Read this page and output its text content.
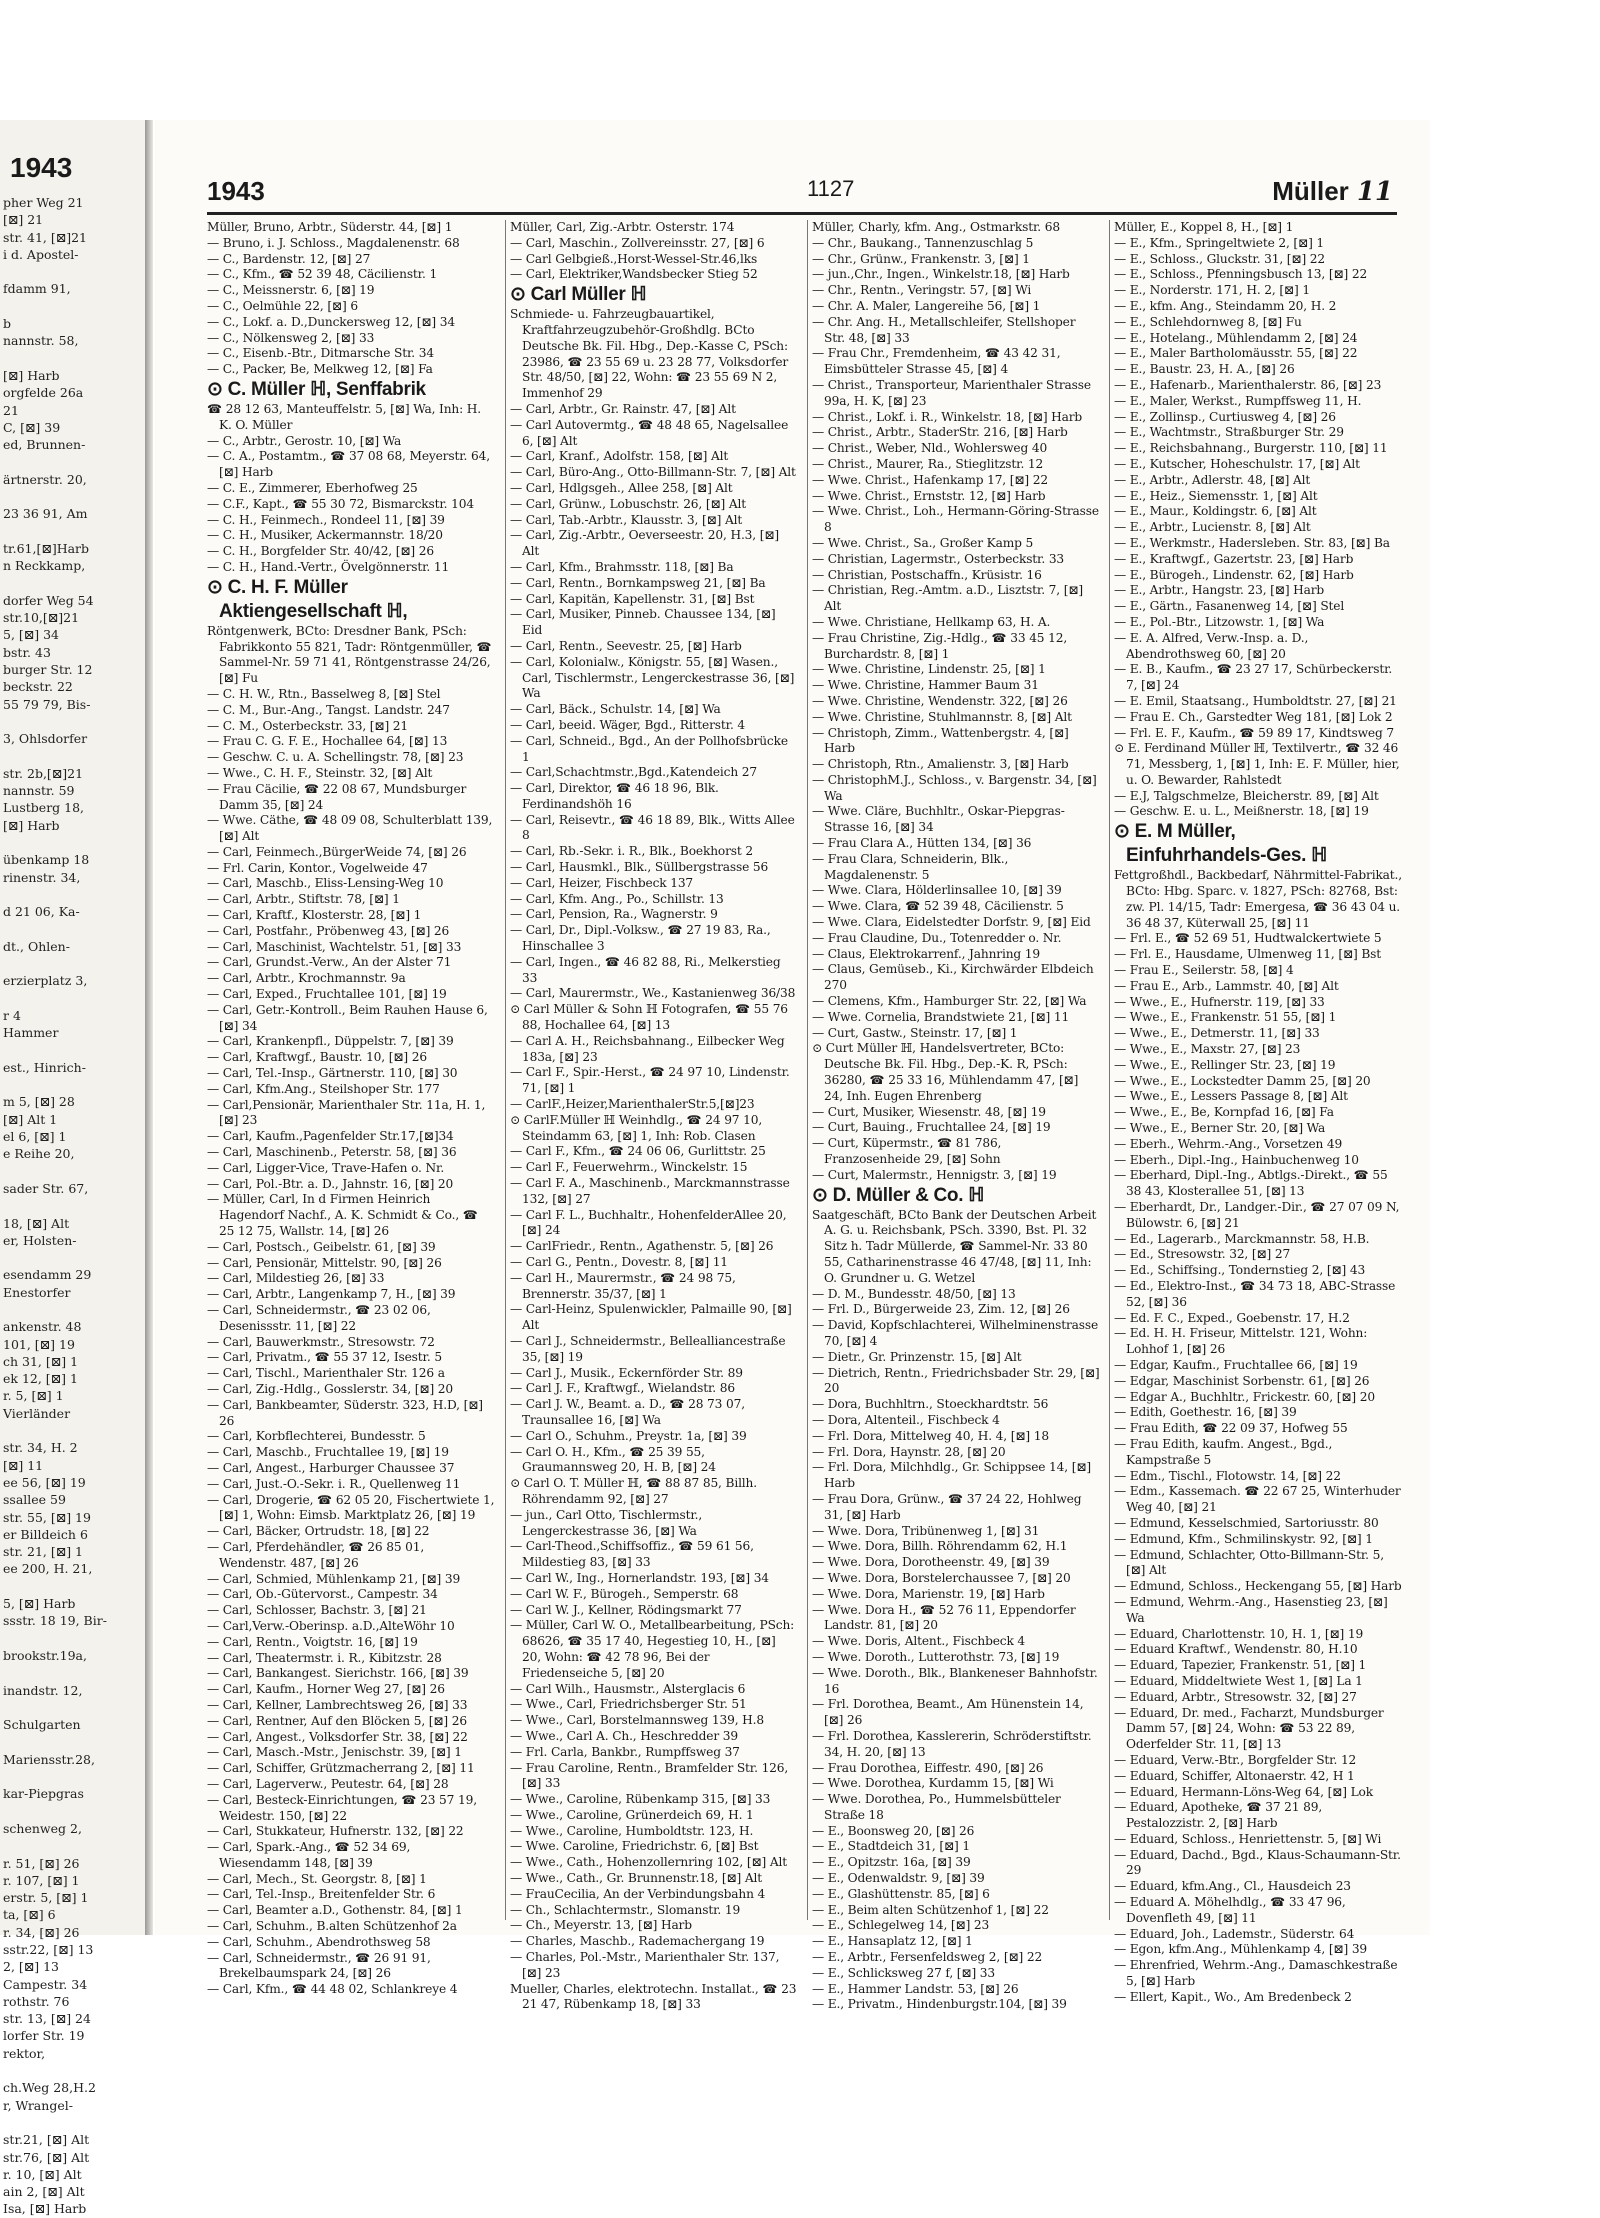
1943
pher Weg 21
[⊠] 21
str. 41, [⊠]21
i d. Apostel-

fdamm 91,

b
nannstr. 58,

[⊠] Harb
orgfelde 26a
21
C, [⊠] 39
ed, Brunnen-

ärtnerstr. 20,

23 36 91, Am

tr.61,[⊠]Harb
n Reckkamp,

dorfer Weg 54
str.10,[⊠]21
5, [⊠] 34
bstr. 43
burger Str. 12
beckstr. 22
55 79 79, Bis-

3, Ohlsdorfer

str. 2b,[⊠]21
nannstr. 59
Lustberg 18,
[⊠] Harb

übenkamp 18
rinenstr. 34,

d 21 06, Ka-

dt., Ohlen-

erzierplatz 3,

r 4
Hammer

est., Hinrich-

m 5, [⊠] 28
[⊠] Alt 1
el 6, [⊠] 1
e Reihe 20,

sader Str. 67,

18, [⊠] Alt
er, Holsten-

esendamm 29
Enestorfer

ankenstr. 48
101, [⊠] 19
ch 31, [⊠] 1
ek 12, [⊠] 1
r. 5, [⊠] 1
Vierländer

str. 34, H. 2
[⊠] 11
ee 56, [⊠] 19
ssallee 59
str. 55, [⊠] 19
er Billdeich 6
str. 21, [⊠] 1
ee 200, H. 21,

5, [⊠] Harb
ssstr. 18 19, Bir-

brookstr.19a,

inandstr. 12,

Schulgarten

Mariensstr.28,

kar-Piepgras

schenweg 2,

r. 51, [⊠] 26
r. 107, [⊠] 1
erstr. 5, [⊠] 1
ta, [⊠] 6
r. 34, [⊠] 26
sstr.22, [⊠] 13
2, [⊠] 13
Campestr. 34
rothstr. 76
str. 13, [⊠] 24
lorfer Str. 19
rektor,

ch.Weg 28,H.2
r, Wrangel-

str.21, [⊠] Alt
str.76, [⊠] Alt
r. 10, [⊠] Alt
ain 2, [⊠] Alt
Isa, [⊠] Harb
1943	1127	Müller 11
Müller, Bruno, Arbtr., Süderstr. 44, [⊠] 1
— Bruno, i. J. Schloss., Magdalenenstr. 68
— C., Bardenstr. 12, [⊠] 27
— C., Kfm., ☎ 52 39 48, Cäcilienstr. 1
— C., Meissnerstr. 6, [⊠] 19
— C., Oelmühle 22, [⊠] 6
— C., Lokf. a. D.,Dunckersweg 12, [⊠] 34
— C., Nölkensweg 2, [⊠] 33
— C., Eisenb.-Btr., Ditmarsche Str. 34
— C., Packer, Be, Melkweg 12, [⊠] Fa
⊙ C. Müller ℍ, Senffabrik
☎ 28 12 63, Manteuffelstr. 5, [⊠] Wa, Inh: H. K. O. Müller
— C., Arbtr., Gerostr. 10, [⊠] Wa
— C. A., Postamtm., ☎ 37 08 68, Meyerstr. 64, [⊠] Harb
— C. E., Zimmerer, Eberhofweg 25
— C.F., Kapt., ☎ 55 30 72, Bismarckstr. 104
— C. H., Feinmech., Rondeel 11, [⊠] 39
— C. H., Musiker, Ackermannstr. 18/20
— C. H., Borgfelder Str. 40/42, [⊠] 26
— C. H., Hand.-Vertr., Övelgönnerstr. 11
⊙ C. H. F. Müller
Aktiengesellschaft ℍ,
Röntgenwerk, BCto: Dresdner Bank, PSch: Fabrikkonto 55 821, Tadr: Röntgenmüller, ☎ Sammel-Nr. 59 71 41, Röntgenstrasse 24/26, [⊠] Fu
— C. H. W., Rtn., Basselweg 8, [⊠] Stel
— C. M., Bur.-Ang., Tangst. Landstr. 247
— C. M., Osterbeckstr. 33, [⊠] 21
— Frau C. G. F. E., Hochallee 64, [⊠] 13
— Geschw. C. u. A. Schellingstr. 78, [⊠] 23
— Wwe., C. H. F., Steinstr. 32, [⊠] Alt
— Frau Cäcilie, ☎ 22 08 67, Mundsburger Damm 35, [⊠] 24
— Wwe. Cäthe, ☎ 48 09 08, Schulterblatt 139, [⊠] Alt
— Carl, Feinmech.,BürgerWeide 74, [⊠] 26
— Frl. Carin, Kontor., Vogelweide 47
— Carl, Maschb., Eliss-Lensing-Weg 10
— Carl, Arbtr., Stiftstr. 78, [⊠] 1
— Carl, Kraftf., Klosterstr. 28, [⊠] 1
— Carl, Postfahr., Pröbenweg 43, [⊠] 26
— Carl, Maschinist, Wachtelstr. 51, [⊠] 33
— Carl, Grundst.-Verw., An der Alster 71
— Carl, Arbtr., Krochmannstr. 9a
— Carl, Exped., Fruchtallee 101, [⊠] 19
— Carl, Getr.-Kontroll., Beim Rauhen Hause 6, [⊠] 34
— Carl, Krankenpfl., Düppelstr. 7, [⊠] 39
— Carl, Kraftwgf., Baustr. 10, [⊠] 26
— Carl, Tel.-Insp., Gärtnerstr. 110, [⊠] 30
— Carl, Kfm.Ang., Steilshoper Str. 177
— Carl,Pensionär, Marienthaler Str. 11a, H. 1, [⊠] 23
— Carl, Kaufm.,Pagenfelder Str.17,[⊠]34
— Carl, Maschinenb., Peterstr. 58, [⊠] 36
— Carl, Ligger-Vice, Trave-Hafen o. Nr.
— Carl, Pol.-Btr. a. D., Jahnstr. 16, [⊠] 20
— Müller, Carl, In d Firmen Heinrich Hagendorf Nachf., A. K. Schmidt & Co., ☎ 25 12 75, Wallstr. 14, [⊠] 26
— Carl, Postsch., Geibelstr. 61, [⊠] 39
— Carl, Pensionär, Mittelstr. 90, [⊠] 26
— Carl, Mildestieg 26, [⊠] 33
— Carl, Arbtr., Langenkamp 7, H., [⊠] 39
— Carl, Schneidermstr., ☎ 23 02 06, Desenissstr. 11, [⊠] 22
— Carl, Bauwerkmstr., Stresowstr. 72
— Carl, Privatm., ☎ 55 37 12, Isestr. 5
— Carl, Tischl., Marienthaler Str. 126 a
— Carl, Zig.-Hdlg., Gosslerstr. 34, [⊠] 20
— Carl, Bankbeamter, Süderstr. 323, H.D, [⊠] 26
— Carl, Korbflechterei, Bundesstr. 5
— Carl, Maschb., Fruchtallee 19, [⊠] 19
— Carl, Angest., Harburger Chaussee 37
— Carl, Just.-O.-Sekr. i. R., Quellenweg 11
— Carl, Drogerie, ☎ 62 05 20, Fischertwiete 1, [⊠] 1, Wohn: Eimsb. Marktplatz 26, [⊠] 19
— Carl, Bäcker, Ortrudstr. 18, [⊠] 22
— Carl, Pferdehändler, ☎ 26 85 01, Wendenstr. 487, [⊠] 26
— Carl, Schmied, Mühlenkamp 21, [⊠] 39
— Carl, Ob.-Gütervorst., Campestr. 34
— Carl, Schlosser, Bachstr. 3, [⊠] 21
— Carl,Verw.-Oberinsp. a.D.,AlteWöhr 10
— Carl, Rentn., Voigtstr. 16, [⊠] 19
— Carl, Theatermstr. i. R., Kibitzstr. 28
— Carl, Bankangest. Sierichstr. 166, [⊠] 39
— Carl, Kaufm., Horner Weg 27, [⊠] 26
— Carl, Kellner, Lambrechtsweg 26, [⊠] 33
— Carl, Rentner, Auf den Blöcken 5, [⊠] 26
— Carl, Angest., Volksdorfer Str. 38, [⊠] 22
— Carl, Masch.-Mstr., Jenischstr. 39, [⊠] 1
— Carl, Schiffer, Grützmacherrang 2, [⊠] 11
— Carl, Lagerverw., Peutestr. 64, [⊠] 28
— Carl, Besteck-Einrichtungen, ☎ 23 57 19, Weidestr. 150, [⊠] 22
— Carl, Stukkateur, Hufnerstr. 132, [⊠] 22
— Carl, Spark.-Ang., ☎ 52 34 69, Wiesendamm 148, [⊠] 39
— Carl, Mech., St. Georgstr. 8, [⊠] 1
— Carl, Tel.-Insp., Breitenfelder Str. 6
— Carl, Beamter a.D., Gothenstr. 84, [⊠] 1
— Carl, Schuhm., B.alten Schützenhof 2a
— Carl, Schuhm., Abendrothsweg 58
— Carl, Schneidermstr., ☎ 26 91 91, Brekelbaumspark 24, [⊠] 26
— Carl, Kfm., ☎ 44 48 02, Schlankreye 4
Müller, Carl, Zig.-Arbtr. Osterstr. 174
— Carl, Maschin., Zollvereinsstr. 27, [⊠] 6
— Carl Gelbgieß.,Horst-Wessel-Str.46,lks
— Carl, Elektriker,Wandsbecker Stieg 52
⊙ Carl Müller ℍ
Schmiede- u. Fahrzeugbauartikel, Kraftfahrzeugzubehör-Großhdlg. BCto Deutsche Bk. Fil. Hbg., Dep.-Kasse C, PSch: 23986, ☎ 23 55 69 u. 23 28 77, Volksdorfer Str. 48/50, [⊠] 22, Wohn: ☎ 23 55 69 N 2, Immenhof 29
— Carl, Arbtr., Gr. Rainstr. 47, [⊠] Alt
— Carl Autovermtg., ☎ 48 48 65, Nagelsallee 6, [⊠] Alt
— Carl, Kranf., Adolfstr. 158, [⊠] Alt
— Carl, Büro-Ang., Otto-Billmann-Str. 7, [⊠] Alt
— Carl, Hdlgsgeh., Allee 258, [⊠] Alt
— Carl, Grünw., Lobuschstr. 26, [⊠] Alt
— Carl, Tab.-Arbtr., Klausstr. 3, [⊠] Alt
— Carl, Zig.-Arbtr., Oeverseestr. 20, H.3, [⊠] Alt
— Carl, Kfm., Brahmsstr. 118, [⊠] Ba
— Carl, Rentn., Bornkampsweg 21, [⊠] Ba
— Carl, Kapitän, Kapellenstr. 31, [⊠] Bst
— Carl, Musiker, Pinneb. Chaussee 134, [⊠] Eid
— Carl, Rentn., Seevestr. 25, [⊠] Harb
— Carl, Kolonialw., Königstr. 55, [⊠] Wasen., Carl, Tischlermstr., Lengerckestrasse 36, [⊠] Wa
— Carl, Bäck., Schulstr. 14, [⊠] Wa
— Carl, beeid. Wäger, Bgd., Ritterstr. 4
— Carl, Schneid., Bgd., An der Pollhofsbrücke 1
— Carl,Schachtmstr.,Bgd.,Katendeich 27
— Carl, Direktor, ☎ 46 18 96, Blk. Ferdinandshöh 16
— Carl, Reisevtr., ☎ 46 18 89, Blk., Witts Allee 8
— Carl, Rb.-Sekr. i. R., Blk., Boekhorst 2
— Carl, Hausmkl., Blk., Süllbergstrasse 56
— Carl, Heizer, Fischbeck 137
— Carl, Kfm. Ang., Po., Schillstr. 13
— Carl, Pension, Ra., Wagnerstr. 9
— Carl, Dr., Dipl.-Volksw., ☎ 27 19 83, Ra., Hinschallee 3
— Carl, Ingen., ☎ 46 82 88, Ri., Melkerstieg 33
— Carl, Maurermstr., We., Kastanienweg 36/38
⊙ Carl Müller & Sohn ℍ Fotografen, ☎ 55 76 88, Hochallee 64, [⊠] 13
— Carl A. H., Reichsbahnang., Eilbecker Weg 183a, [⊠] 23
— Carl F., Spir.-Herst., ☎ 24 97 10, Lindenstr. 71, [⊠] 1
— CarlF.,Heizer,MarienthalerStr.5,[⊠]23
⊙ CarlF.Müller ℍ Weinhdlg., ☎ 24 97 10, Steindamm 63, [⊠] 1, Inh: Rob. Clasen
— Carl F., Kfm., ☎ 24 06 06, Gurlittstr. 25
— Carl F., Feuerwehrm., Winckelstr. 15
— Carl F. A., Maschinenb., Marckmannstrasse 132, [⊠] 27
— Carl F. L., Buchhaltr., HohenfelderAllee 20, [⊠] 24
— CarlFriedr., Rentn., Agathenstr. 5, [⊠] 26
— Carl G., Pentn., Dovestr. 8, [⊠] 11
— Carl H., Maurermstr., ☎ 24 98 75, Brennerstr. 35/37, [⊠] 1
— Carl-Heinz, Spulenwickler, Palmaille 90, [⊠] Alt
— Carl J., Schneidermstr., Bellealliancestraße 35, [⊠] 19
— Carl J., Musik., Eckernförder Str. 89
— Carl J. F., Kraftwgf., Wielandstr. 86
— Carl J. W., Beamt. a. D., ☎ 28 73 07, Traunsallee 16, [⊠] Wa
— Carl O., Schuhm., Preystr. 1a, [⊠] 39
— Carl O. H., Kfm., ☎ 25 39 55, Graumannsweg 20, H. B, [⊠] 24
⊙ Carl O. T. Müller ℍ, ☎ 88 87 85, Billh. Röhrendamm 92, [⊠] 27
— jun., Carl Otto, Tischlermstr., Lengerckestrasse 36, [⊠] Wa
— Carl-Theod.,Schiffsoffiz., ☎ 59 61 56, Mildestieg 83, [⊠] 33
— Carl W., Ing., Hornerlandstr. 193, [⊠] 34
— Carl W. F., Bürogeh., Semperstr. 68
— Carl W. J., Kellner, Rödingsmarkt 77
— Müller, Carl W. O., Metallbearbeitung, PSch: 68626, ☎ 35 17 40, Hegestieg 10, H., [⊠] 20, Wohn: ☎ 42 78 96, Bei der Friedenseiche 5, [⊠] 20
— Carl Wilh., Hausmstr., Alsterglacis 6
— Wwe., Carl, Friedrichsberger Str. 51
— Wwe., Carl, Borstelmannsweg 139, H.8
— Wwe., Carl A. Ch., Heschredder 39
— Frl. Carla, Bankbr., Rumpffsweg 37
— Frau Caroline, Rentn., Bramfelder Str. 126, [⊠] 33
— Wwe., Caroline, Rübenkamp 315, [⊠] 33
— Wwe., Caroline, Grünerdeich 69, H. 1
— Wwe., Caroline, Humboldtstr. 123, H.
— Wwe. Caroline, Friedrichstr. 6, [⊠] Bst
— Wwe., Cath., Hohenzollernring 102, [⊠] Alt
— Wwe., Cath., Gr. Brunnenstr.18, [⊠] Alt
— FrauCecilia, An der Verbindungsbahn 4
— Ch., Schlachtermstr., Slomanstr. 19
— Ch., Meyerstr. 13, [⊠] Harb
— Charles, Maschb., Rademachergang 19
— Charles, Pol.-Mstr., Marienthaler Str. 137, [⊠] 23
Mueller, Charles, elektrotechn. Installat., ☎ 23 21 47, Rübenkamp 18, [⊠] 33
Müller, Charly, kfm. Ang., Ostmarkstr. 68
— Chr., Baukang., Tannenzuschlag 5
— Chr., Grünw., Frankenstr. 3, [⊠] 1
— jun.,Chr., Ingen., Winkelstr.18, [⊠] Harb
— Chr., Rentn., Veringstr. 57, [⊠] Wi
— Chr. A. Maler, Langereihe 56, [⊠] 1
— Chr. Ang. H., Metallschleifer, Stellshoper Str. 48, [⊠] 33
— Frau Chr., Fremdenheim, ☎ 43 42 31, Eimsbütteler Strasse 45, [⊠] 4
— Christ., Transporteur, Marienthaler Strasse 99a, H. K, [⊠] 23
— Christ., Lokf. i. R., Winkelstr. 18, [⊠] Harb
— Christ., Arbtr., StaderStr. 216, [⊠] Harb
— Christ., Weber, Nld., Wohlersweg 40
— Christ., Maurer, Ra., Stieglitzstr. 12
— Wwe. Christ., Hafenkamp 17, [⊠] 22
— Wwe. Christ., Ernststr. 12, [⊠] Harb
— Wwe. Christ., Loh., Hermann-Göring-Strasse 8
— Wwe. Christ., Sa., Großer Kamp 5
— Christian, Lagermstr., Osterbeckstr. 33
— Christian, Postschaffn., Krüsistr. 16
— Christian, Reg.-Amtm. a.D., Lisztstr. 7, [⊠] Alt
— Wwe. Christiane, Hellkamp 63, H. A.
— Frau Christine, Zig.-Hdlg., ☎ 33 45 12, Burchardstr. 8, [⊠] 1
— Wwe. Christine, Lindenstr. 25, [⊠] 1
— Wwe. Christine, Hammer Baum 31
— Wwe. Christine, Wendenstr. 322, [⊠] 26
— Wwe. Christine, Stuhlmannstr. 8, [⊠] Alt
— Christoph, Zimm., Wattenbergstr. 4, [⊠] Harb
— Christoph, Rtn., Amalienstr. 3, [⊠] Harb
— ChristophM.J., Schloss., v. Bargenstr. 34, [⊠] Wa
— Wwe. Cläre, Buchhltr., Oskar-Piepgras-Strasse 16, [⊠] 34
— Frau Clara A., Hütten 134, [⊠] 36
— Frau Clara, Schneiderin, Blk., Magdalenenstr. 5
— Wwe. Clara, Hölderlinsallee 10, [⊠] 39
— Wwe. Clara, ☎ 52 39 48, Cäcilienstr. 5
— Wwe. Clara, Eidelstedter Dorfstr. 9, [⊠] Eid
— Frau Claudine, Du., Totenredder o. Nr.
— Claus, Elektrokarrenf., Jahnring 19
— Claus, Gemüseb., Ki., Kirchwärder Elbdeich 270
— Clemens, Kfm., Hamburger Str. 22, [⊠] Wa
— Wwe. Cornelia, Brandstwiete 21, [⊠] 11
— Curt, Gastw., Steinstr. 17, [⊠] 1
⊙ Curt Müller ℍ, Handelsvertreter, BCto: Deutsche Bk. Fil. Hbg., Dep.-K. R, PSch: 36280, ☎ 25 33 16, Mühlendamm 47, [⊠] 24, Inh. Eugen Ehrenberg
— Curt, Musiker, Wiesenstr. 48, [⊠] 19
— Curt, Bauing., Fruchtallee 24, [⊠] 19
— Curt, Küpermstr., ☎ 81 786, Franzosenheide 29, [⊠] Sohn
— Curt, Malermstr., Hennigstr. 3, [⊠] 19
⊙ D. Müller & Co. ℍ
Saatgeschäft, BCto Bank der Deutschen Arbeit A. G. u. Reichsbank, PSch. 3390, Bst. Pl. 32 Sitz h. Tadr Müllerde, ☎ Sammel-Nr. 33 80 55, Catharinenstrasse 46 47/48, [⊠] 11, Inh: O. Grundner u. G. Wetzel
— D. M., Bundesstr. 48/50, [⊠] 13
— Frl. D., Bürgerweide 23, Zim. 12, [⊠] 26
— David, Kopfschlachterei, Wilhelminenstrasse 70, [⊠] 4
— Dietr., Gr. Prinzenstr. 15, [⊠] Alt
— Dietrich, Rentn., Friedrichsbader Str. 29, [⊠] 20
— Dora, Buchhltrn., Stoeckhardtstr. 56
— Dora, Altenteil., Fischbeck 4
— Frl. Dora, Mittelweg 40, H. 4, [⊠] 18
— Frl. Dora, Haynstr. 28, [⊠] 20
— Frl. Dora, Milchhdlg., Gr. Schippsee 14, [⊠] Harb
— Frau Dora, Grünw., ☎ 37 24 22, Hohlweg 31, [⊠] Harb
— Wwe. Dora, Tribünenweg 1, [⊠] 31
— Wwe. Dora, Billh. Röhrendamm 62, H.1
— Wwe. Dora, Dorotheenstr. 49, [⊠] 39
— Wwe. Dora, Borstelerchaussee 7, [⊠] 20
— Wwe. Dora, Marienstr. 19, [⊠] Harb
— Wwe. Dora H., ☎ 52 76 11, Eppendorfer Landstr. 81, [⊠] 20
— Wwe. Doris, Altent., Fischbeck 4
— Wwe. Doroth., Lutterothstr. 73, [⊠] 19
— Wwe. Doroth., Blk., Blankeneser Bahnhofstr. 16
— Frl. Dorothea, Beamt., Am Hünenstein 14, [⊠] 26
— Frl. Dorothea, Kasslererin, Schröderstiftstr. 34, H. 20, [⊠] 13
— Frau Dorothea, Eiffestr. 490, [⊠] 26
— Wwe. Dorothea, Kurdamm 15, [⊠] Wi
— Wwe. Dorothea, Po., Hummelsbütteler Straße 18
— E., Boonsweg 20, [⊠] 26
— E., Stadtdeich 31, [⊠] 1
— E., Opitzstr. 16a, [⊠] 39
— E., Odenwaldstr. 9, [⊠] 39
— E., Glashüttenstr. 85, [⊠] 6
— E., Beim alten Schützenhof 1, [⊠] 22
— E., Schlegelweg 14, [⊠] 23
— E., Hansaplatz 12, [⊠] 1
— E., Arbtr., Fersenfeldsweg 2, [⊠] 22
— E., Schlicksweg 27 f, [⊠] 33
— E., Hammer Landstr. 53, [⊠] 26
— E., Privatm., Hindenburgstr.104, [⊠] 39
Müller, E., Koppel 8, H., [⊠] 1
— E., Kfm., Springeltwiete 2, [⊠] 1
— E., Schloss., Gluckstr. 31, [⊠] 22
— E., Schloss., Pfenningsbusch 13, [⊠] 22
— E., Norderstr. 171, H. 2, [⊠] 1
— E., kfm. Ang., Steindamm 20, H. 2
— E., Schlehdornweg 8, [⊠] Fu
— E., Hotelang., Mühlendamm 2, [⊠] 24
— E., Maler Bartholomäusstr. 55, [⊠] 22
— E., Baustr. 23, H. A., [⊠] 26
— E., Hafenarb., Marienthalerstr. 86, [⊠] 23
— E., Maler, Werkst., Rumpffsweg 11, H.
— E., Zollinsp., Curtiusweg 4, [⊠] 26
— E., Wachtmstr., Straßburger Str. 29
— E., Reichsbahnang., Burgerstr. 110, [⊠] 11
— E., Kutscher, Hoheschulstr. 17, [⊠] Alt
— E., Arbtr., Adlerstr. 48, [⊠] Alt
— E., Heiz., Siemensstr. 1, [⊠] Alt
— E., Maur., Koldingstr. 6, [⊠] Alt
— E., Arbtr., Lucienstr. 8, [⊠] Alt
— E., Werkmstr., Hadersleben. Str. 83, [⊠] Ba
— E., Kraftwgf., Gazertstr. 23, [⊠] Harb
— E., Bürogeh., Lindenstr. 62, [⊠] Harb
— E., Arbtr., Hangstr. 23, [⊠] Harb
— E., Gärtn., Fasanenweg 14, [⊠] Stel
— E., Pol.-Btr., Litzowstr. 1, [⊠] Wa
— E. A. Alfred, Verw.-Insp. a. D., Abendrothsweg 60, [⊠] 20
— E. B., Kaufm., ☎ 23 27 17, Schürbeckerstr. 7, [⊠] 24
— E. Emil, Staatsang., Humboldtstr. 27, [⊠] 21
— Frau E. Ch., Garstedter Weg 181, [⊠] Lok 2
— Frl. E. F., Kaufm., ☎ 59 89 17, Kindtsweg 7
⊙ E. Ferdinand Müller ℍ, Textilvertr., ☎ 32 46 71, Messberg, 1, [⊠] 1, Inh: E. F. Müller, hier, u. O. Bewarder, Rahlstedt
— E.J, Talgschmelze, Bleicherstr. 89, [⊠] Alt
— Geschw. E. u. L., Meißnerstr. 18, [⊠] 19
⊙ E. M Müller,
Einfuhrhandels-Ges. ℍ
Fettgroßhdl., Backbedarf, Nährmittel-Fabrikat., BCto: Hbg. Sparc. v. 1827, PSch: 82768, Bst: zw. Pl. 14/15, Tadr: Emergesa, ☎ 36 43 04 u. 36 48 37, Küterwall 25, [⊠] 11
— Frl. E., ☎ 52 69 51, Hudtwalckertwiete 5
— Frl. E., Hausdame, Ulmenweg 11, [⊠] Bst
— Frau E., Seilerstr. 58, [⊠] 4
— Frau E., Arb., Lammstr. 40, [⊠] Alt
— Wwe., E., Hufnerstr. 119, [⊠] 33
— Wwe., E., Frankenstr. 51 55, [⊠] 1
— Wwe., E., Detmerstr. 11, [⊠] 33
— Wwe., E., Maxstr. 27, [⊠] 23
— Wwe., E., Rellinger Str. 23, [⊠] 19
— Wwe., E., Lockstedter Damm 25, [⊠] 20
— Wwe., E., Lessers Passage 8, [⊠] Alt
— Wwe., E., Be, Kornpfad 16, [⊠] Fa
— Wwe., E., Berner Str. 20, [⊠] Wa
— Eberh., Wehrm.-Ang., Vorsetzen 49
— Eberh., Dipl.-Ing., Hainbuchenweg 10
— Eberhard, Dipl.-Ing., Abtlgs.-Direkt., ☎ 55 38 43, Klosterallee 51, [⊠] 13
— Eberhardt, Dr., Landger.-Dir., ☎ 27 07 09 N, Bülowstr. 6, [⊠] 21
— Ed., Lagerarb., Marckmannstr. 58, H.B.
— Ed., Stresowstr. 32, [⊠] 27
— Ed., Schiffsing., Tondernstieg 2, [⊠] 43
— Ed., Elektro-Inst., ☎ 34 73 18, ABC-Strasse 52, [⊠] 36
— Ed. F. C., Exped., Goebenstr. 17, H.2
— Ed. H. H. Friseur, Mittelstr. 121, Wohn: Lohhof 1, [⊠] 26
— Edgar, Kaufm., Fruchtallee 66, [⊠] 19
— Edgar, Maschinist Sorbenstr. 61, [⊠] 26
— Edgar A., Buchhltr., Frickestr. 60, [⊠] 20
— Edith, Goethestr. 16, [⊠] 39
— Frau Edith, ☎ 22 09 37, Hofweg 55
— Frau Edith, kaufm. Angest., Bgd., Kampstraße 5
— Edm., Tischl., Flotowstr. 14, [⊠] 22
— Edm., Kassemach. ☎ 22 67 25, Winterhuder Weg 40, [⊠] 21
— Edmund, Kesselschmied, Sartoriusstr. 80
— Edmund, Kfm., Schmilinskystr. 92, [⊠] 1
— Edmund, Schlachter, Otto-Billmann-Str. 5, [⊠] Alt
— Edmund, Schloss., Heckengang 55, [⊠] Harb
— Edmund, Wehrm.-Ang., Hasenstieg 23, [⊠] Wa
— Eduard, Charlottenstr. 10, H. 1, [⊠] 19
— Eduard Kraftwf., Wendenstr. 80, H.10
— Eduard, Tapezier, Frankenstr. 51, [⊠] 1
— Eduard, Middeltwiete West 1, [⊠] La 1
— Eduard, Arbtr., Stresowstr. 32, [⊠] 27
— Eduard, Dr. med., Facharzt, Mundsburger Damm 57, [⊠] 24, Wohn: ☎ 53 22 89, Oderfelder Str. 11, [⊠] 13
— Eduard, Verw.-Btr., Borgfelder Str. 12
— Eduard, Schiffer, Altonaerstr. 42, H 1
— Eduard, Hermann-Löns-Weg 64, [⊠] Lok
— Eduard, Apotheke, ☎ 37 21 89, Pestalozzistr. 2, [⊠] Harb
— Eduard, Schloss., Henriettenstr. 5, [⊠] Wi
— Eduard, Dachd., Bgd., Klaus-Schaumann-Str. 29
— Eduard, kfm.Ang., Cl., Hausdeich 23
— Eduard A. Möhelhdlg., ☎ 33 47 96, Dovenfleth 49, [⊠] 11
— Eduard, Joh., Lademstr., Süderstr. 64
— Egon, kfm.Ang., Mühlenkamp 4, [⊠] 39
— Ehrenfried, Wehrm.-Ang., Damaschkestraße 5, [⊠] Harb
— Ellert, Kapit., Wo., Am Bredenbeck 2
